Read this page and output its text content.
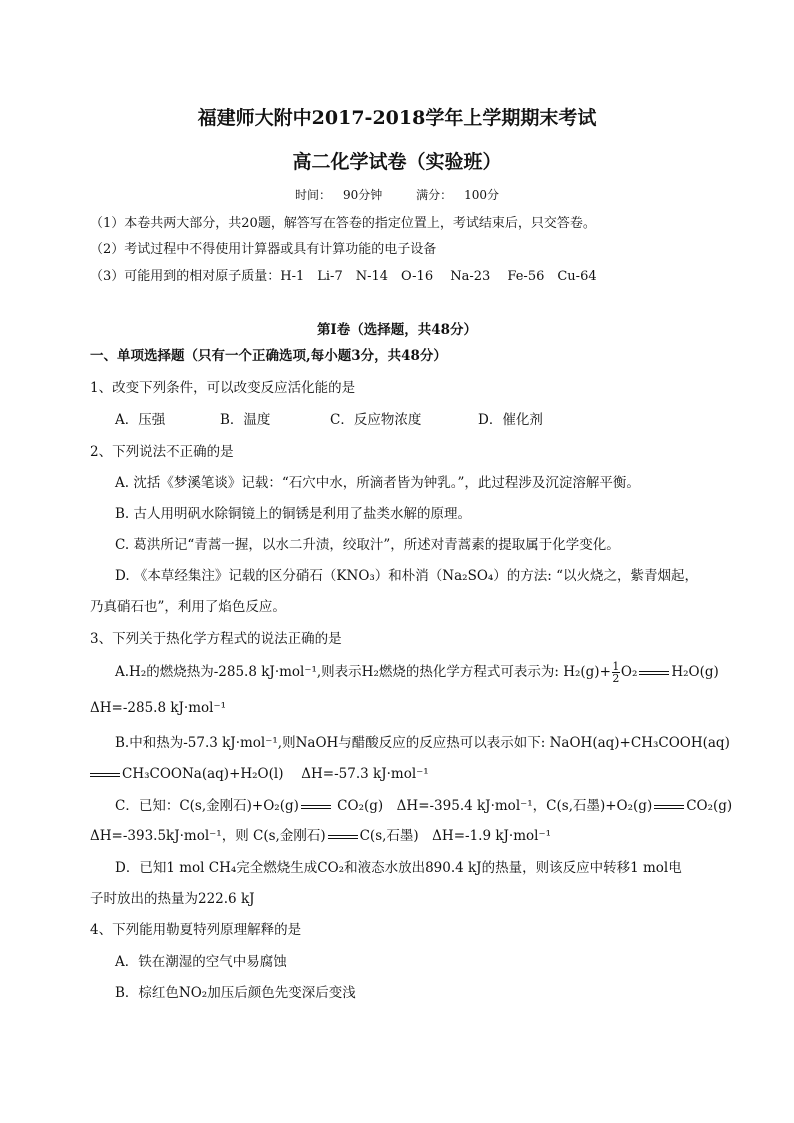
福建师大附中2017-2018学年上学期期末考试
高二化学试卷（实验班）
时间： 90分钟	满分： 100分
（1）本卷共两大部分，共20题，解答写在答卷的指定位置上，考试结束后，只交答卷。
（2）考试过程中不得使用计算器或具有计算功能的电子设备
（3）可能用到的相对原子质量：H-1　Li-7　N-14　O-16　 Na-23　 Fe-56　Cu-64
第Ⅰ卷（选择题，共48分）
一、单项选择题（只有一个正确选项,每小题3分，共48分）
1、改变下列条件，可以改变反应活化能的是
A．压强	B．温度	C．反应物浓度	D．催化剂
2、下列说法不正确的是
A. 沈括《梦溪笔谈》记载：“石穴中水，所滴者皆为钟乳。”，此过程涉及沉淀溶解平衡。
B. 古人用明矾水除铜镜上的铜锈是利用了盐类水解的原理。
C. 葛洪所记“青蒿一握，以水二升渍，绞取汁”，所述对青蒿素的提取属于化学变化。
D. 《本草经集注》记载的区分硝石（KNO₃）和朴消（Na₂SO₄）的方法: “以火烧之，紫青烟起，
乃真硝石也”，利用了焰色反应。
3、下列关于热化学方程式的说法正确的是
A.H₂的燃烧热为-285.8 kJ·mol⁻¹,则表示H₂燃烧的热化学方程式可表示为: $H_2(g)+ \frac{1}{2} O_2$	H₂O(g)
ΔH=-285.8 kJ·mol⁻¹
B.中和热为-57.3 kJ·mol⁻¹,则NaOH与醋酸反应的反应热可以表示如下: NaOH(aq)+CH₃COOH(aq)
CH₃COONa(aq)+H₂O(l)　 ΔH=-57.3 kJ·mol⁻¹
C．已知：C(s,金刚石)+O₂(g)	CO₂(g)　ΔH=-395.4 kJ·mol⁻¹，C(s,石墨)+O₂(g)	CO₂(g)
ΔH=-393.5kJ·mol⁻¹，则 C(s,金刚石)	C(s,石墨)　ΔH=-1.9 kJ·mol⁻¹
D．已知1 mol CH₄完全燃烧生成CO₂和液态水放出890.4 kJ的热量，则该反应中转移1 mol电
子时放出的热量为222.6 kJ
4、下列能用勒夏特列原理解释的是
A．铁在潮湿的空气中易腐蚀
B．棕红色NO₂加压后颜色先变深后变浅
